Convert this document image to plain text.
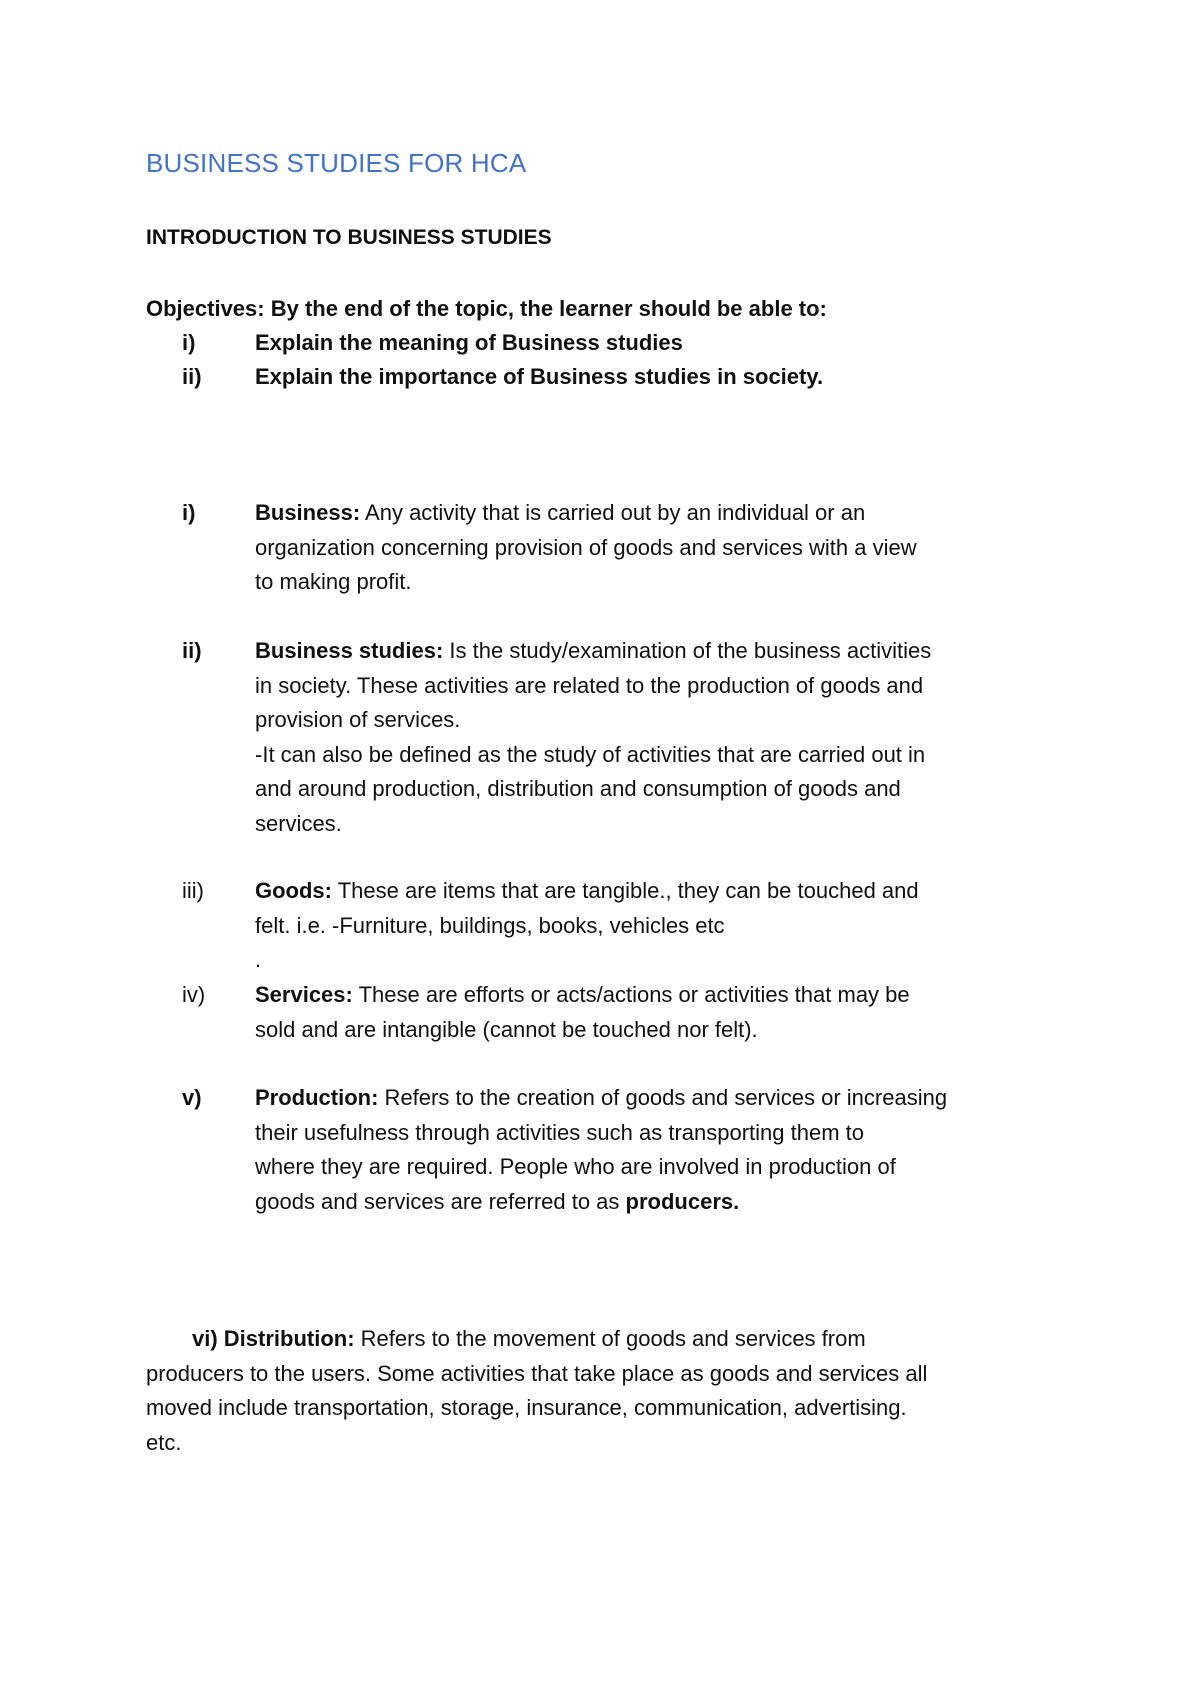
BUSINESS STUDIES FOR HCA
INTRODUCTION TO BUSINESS STUDIES
Objectives: By the end of the topic, the learner should be able to:
i)	Explain the meaning of Business studies
ii) Explain the importance of Business studies in society.
i)	Business: Any activity that is carried out by an individual or an
organization concerning provision of goods and services with a view
to making profit.
ii) Business studies: Is the study/examination of the business activities
in society. These activities are related to the production of goods and
provision of services.
-It can also be defined as the study of activities that are carried out in
and around production, distribution and consumption of goods and
services.
iii) Goods: These are items that are tangible., they can be touched and
felt. i.e. -Furniture, buildings, books, vehicles etc
.
iv) Services: These are efforts or acts/actions or activities that may be
sold and are intangible (cannot be touched nor felt).
v) Production: Refers to the creation of goods and services or increasing
their usefulness through activities such as transporting them to
where they are required. People who are involved in production of
goods and services are referred to as producers.
vi) Distribution: Refers to the movement of goods and services from
producers to the users. Some activities that take place as goods and services all
moved include transportation, storage, insurance, communication, advertising.
etc.
